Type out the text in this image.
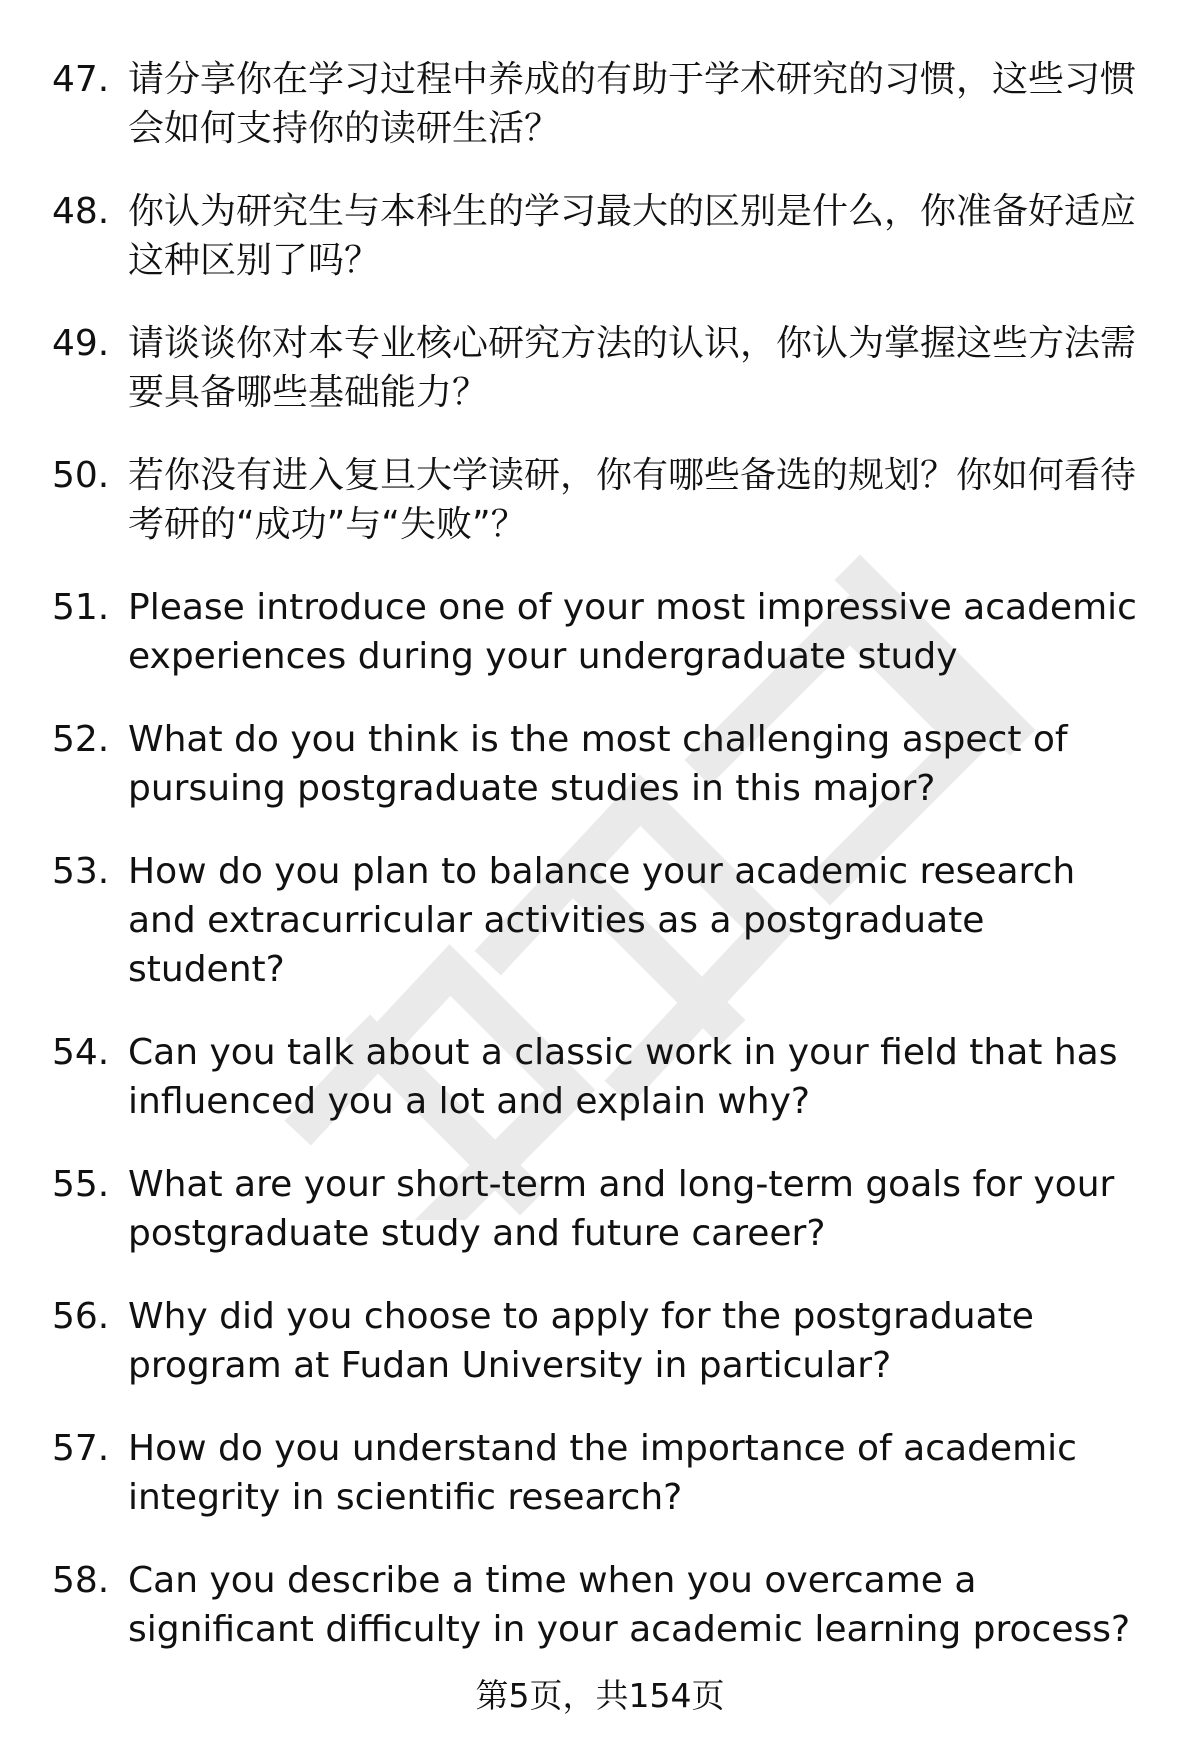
47. 请分享你在学习过程中养成的有助于学术研究的习惯，这些习惯会如何支持你的读研生活？
48. 你认为研究生与本科生的学习最大的区别是什么，你准备好适应这种区别了吗？
49. 请谈谈你对本专业核心研究方法的认识，你认为掌握这些方法需要具备哪些基础能力？
50. 若你没有进入复旦大学读研，你有哪些备选的规划？你如何看待考研的“成功”与“失败”？
51. Please introduce one of your most impressive academic experiences during your undergraduate study
52. What do you think is the most challenging aspect of pursuing postgraduate studies in this major?
53. How do you plan to balance your academic research and extracurricular activities as a postgraduate student?
54. Can you talk about a classic work in your field that has influenced you a lot and explain why?
55. What are your short-term and long-term goals for your postgraduate study and future career?
56. Why did you choose to apply for the postgraduate program at Fudan University in particular?
57. How do you understand the importance of academic integrity in scientific research?
58. Can you describe a time when you overcame a significant difficulty in your academic learning process?
第5页，共154页
